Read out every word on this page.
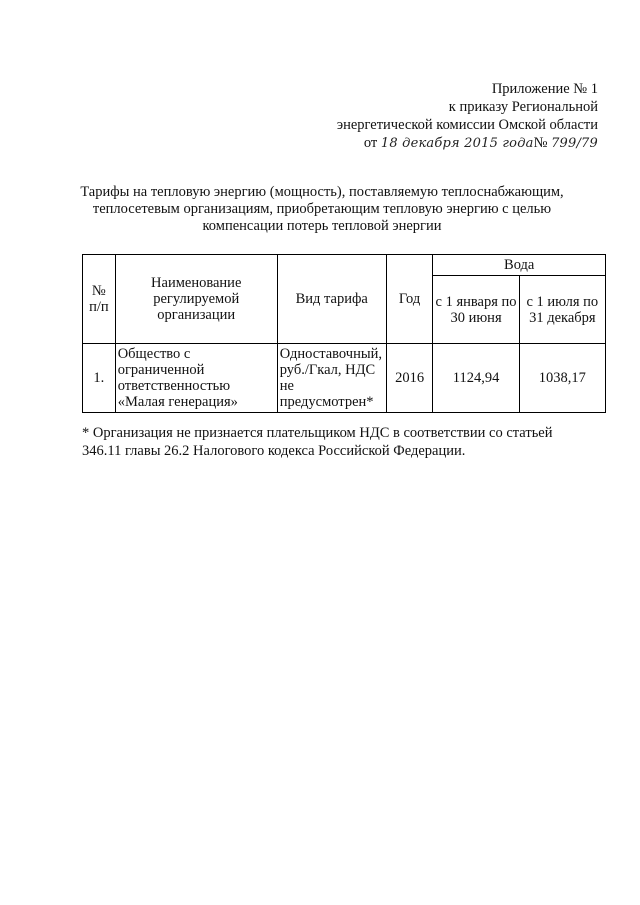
Приложение № 1
к приказу Региональной
энергетической комиссии Омской области
от 18 декабря 2015 года№ 799/79
Тарифы на тепловую энергию (мощность), поставляемую теплоснабжающим,
теплосетевым организациям, приобретающим тепловую энергию с целью
компенсации потерь тепловой энергии
№ п/п	Наименование регулируемой организации	Вид тарифа	Год	Вода	
				с 1 января по 30 июня	с 1 июля по 31 декабря
1.	Общество с ограниченной ответственностью «Малая генерация»	Одноставочный, руб./Гкал, НДС не предусмотрен*	2016	1124,94	1038,17
* Организация не признается плательщиком НДС в соответствии со статьей
346.11 главы 26.2 Налогового кодекса Российской Федерации.
